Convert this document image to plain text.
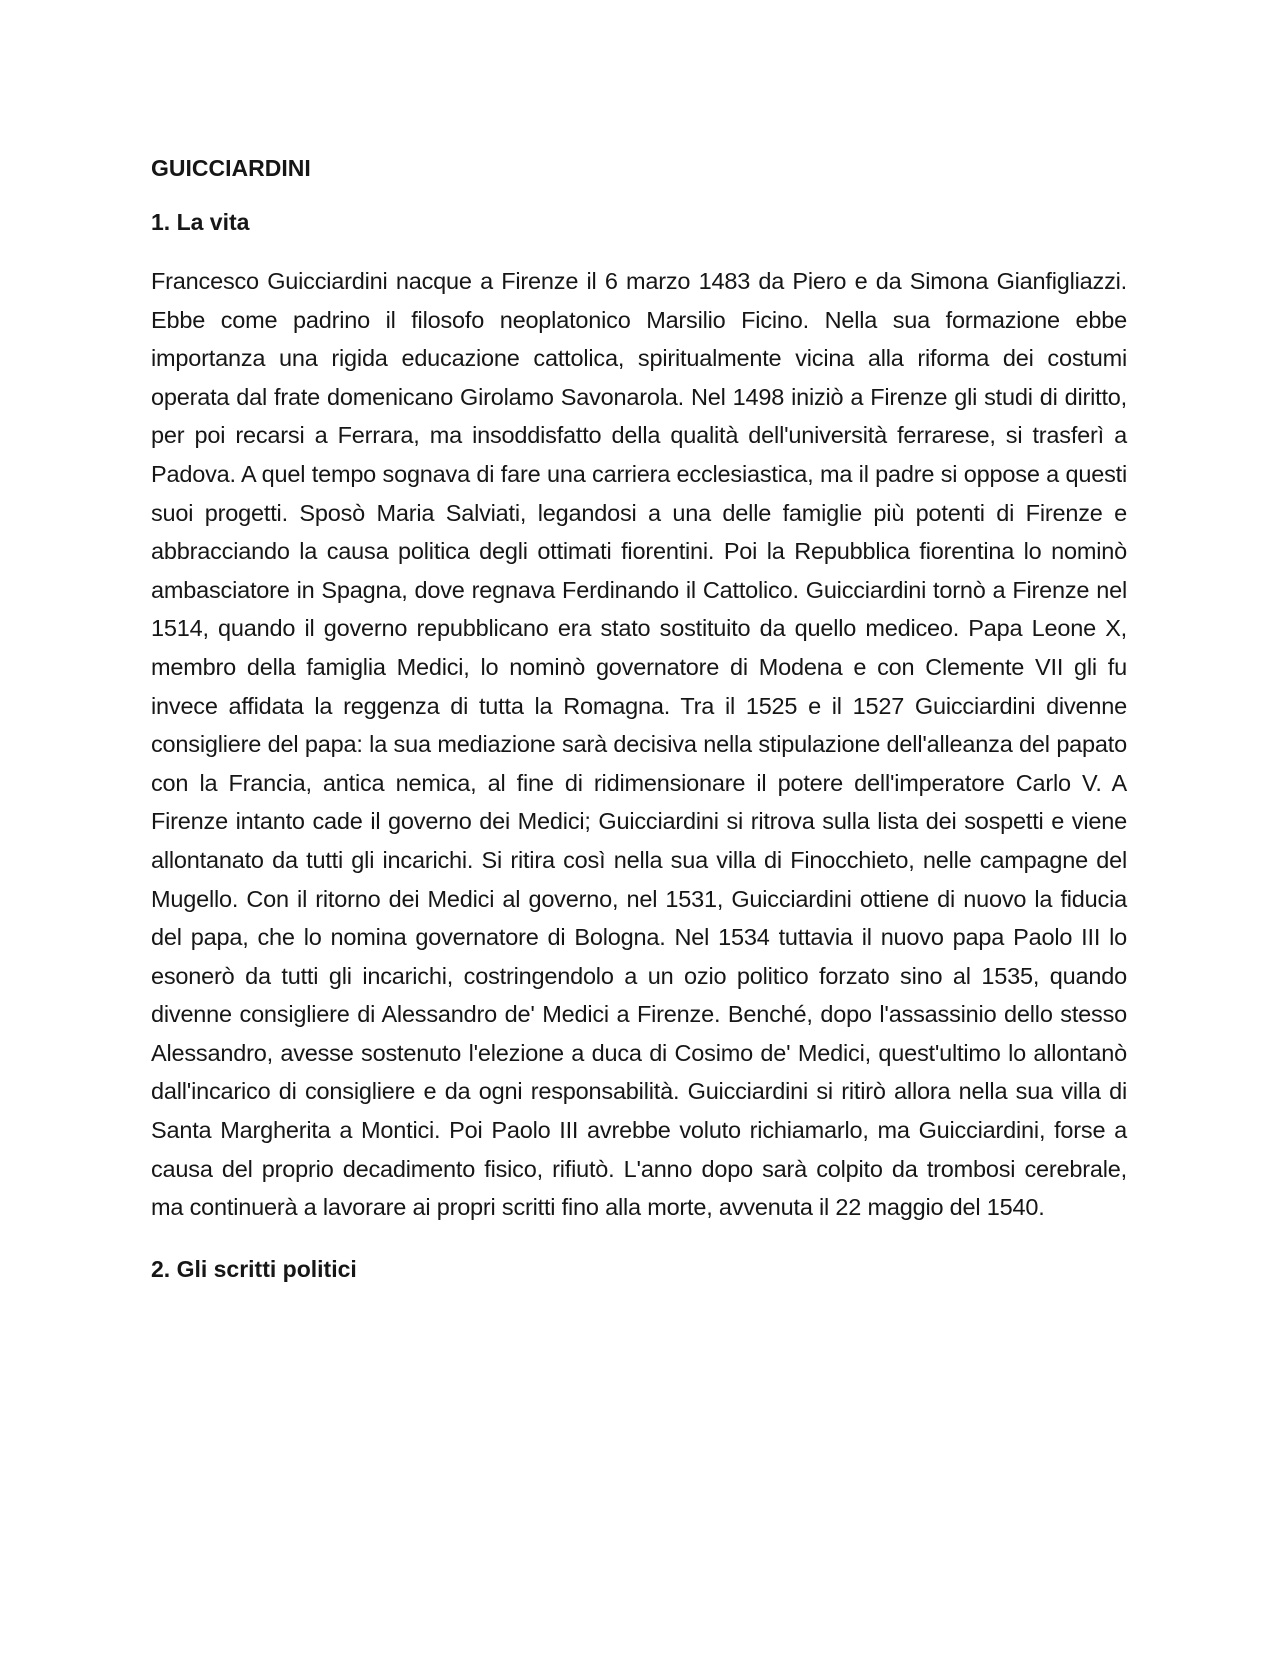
GUICCIARDINI
1. La vita

Francesco Guicciardini nacque a Firenze il 6 marzo 1483 da Piero e da Simona Gianfigliazzi. Ebbe come padrino il filosofo neoplatonico Marsilio Ficino. Nella sua formazione ebbe importanza una rigida educazione cattolica, spiritualmente vicina alla riforma dei costumi operata dal frate domenicano Girolamo Savonarola. Nel 1498 iniziò a Firenze gli studi di diritto, per poi recarsi a Ferrara, ma insoddisfatto della qualità dell'università ferrarese, si trasferì a Padova. A quel tempo sognava di fare una carriera ecclesiastica, ma il padre si oppose a questi suoi progetti. Sposò Maria Salviati, legandosi a una delle famiglie più potenti di Firenze e abbracciando la causa politica degli ottimati fiorentini. Poi la Repubblica fiorentina lo nominò ambasciatore in Spagna, dove regnava Ferdinando il Cattolico. Guicciardini tornò a Firenze nel 1514, quando il governo repubblicano era stato sostituito da quello mediceo. Papa Leone X, membro della famiglia Medici, lo nominò governatore di Modena e con Clemente VII gli fu invece affidata la reggenza di tutta la Romagna. Tra il 1525 e il 1527 Guicciardini divenne consigliere del papa: la sua mediazione sarà decisiva nella stipulazione dell'alleanza del papato con la Francia, antica nemica, al fine di ridimensionare il potere dell'imperatore Carlo V. A Firenze intanto cade il governo dei Medici; Guicciardini si ritrova sulla lista dei sospetti e viene allontanato da tutti gli incarichi. Si ritira così nella sua villa di Finocchieto, nelle campagne del Mugello. Con il ritorno dei Medici al governo, nel 1531, Guicciardini ottiene di nuovo la fiducia del papa, che lo nomina governatore di Bologna. Nel 1534 tuttavia il nuovo papa Paolo III lo esonerò da tutti gli incarichi, costringendolo a un ozio politico forzato sino al 1535, quando divenne consigliere di Alessandro de' Medici a Firenze. Benché, dopo l'assassinio dello stesso Alessandro, avesse sostenuto l'elezione a duca di Cosimo de' Medici, quest'ultimo lo allontanò dall'incarico di consigliere e da ogni responsabilità. Guicciardini si ritirò allora nella sua villa di Santa Margherita a Montici. Poi Paolo III avrebbe voluto richiamarlo, ma Guicciardini, forse a causa del proprio decadimento fisico, rifiutò. L'anno dopo sarà colpito da trombosi cerebrale, ma continuerà a lavorare ai propri scritti fino alla morte, avvenuta il 22 maggio del 1540.

2. Gli scritti politici
